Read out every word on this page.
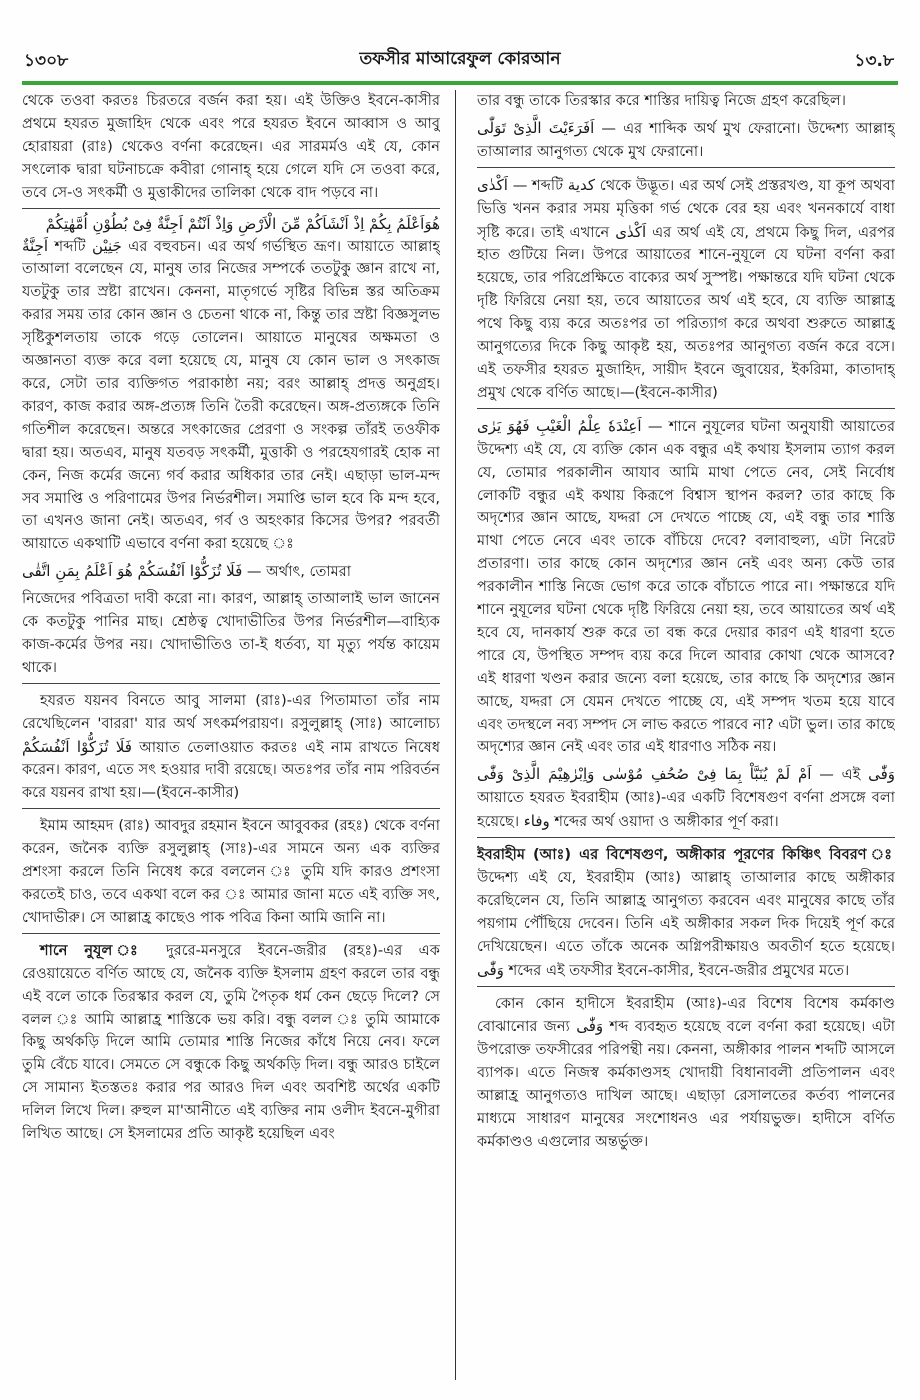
১৩০৮	তফসীর মাআরেফুল কোরআন	১৩.৮

থেকে তওবা করতঃ চিরতরে বর্জন করা হয়। এই উক্তিও ইবনে-কাসীর প্রথমে হযরত মুজাহিদ থেকে এবং পরে হযরত ইবনে আব্বাস ও আবু হোরায়রা (রাঃ) থেকেও বর্ণনা করেছেন। এর সারমর্মও এই যে, কোন সৎলোক দ্বারা ঘটনাচক্রে কবীরা গোনাহ্ হয়ে গেলে যদি সে তওবা করে, তবে সে-ও সৎকর্মী ও মুত্তাকীদের তালিকা থেকে বাদ পড়বে না।

هُوَاَعْلَمُ بِكُمْ اِذْ اَنْشَاَكُمْ مِّنَ الْاَرْضِ وَاِذْ اَنْتُمْ اَجِنَّةٌ فِىْ بُطُوْنِ اُمَّهٰتِكُمْ

اَجِنَّةٌ শব্দটি جَنِيْن এর বহুবচন। এর অর্থ গর্ভস্থিত ভ্রূণ। আয়াতে আল্লাহ্ তাআলা বলেছেন যে, মানুষ তার নিজের সম্পর্কে ততটুকু জ্ঞান রাখে না, যতটুকু তার স্রষ্টা রাখেন। কেননা, মাতৃগর্ভে সৃষ্টির বিভিন্ন স্তর অতিক্রম করার সময় তার কোন জ্ঞান ও চেতনা থাকে না, কিন্তু তার স্রষ্টা বিজ্ঞসুলভ সৃষ্টিকুশলতায় তাকে গড়ে তোলেন। আয়াতে মানুষের অক্ষমতা ও অজ্ঞানতা ব্যক্ত করে বলা হয়েছে যে, মানুষ যে কোন ভাল ও সৎকাজ করে, সেটা তার ব্যক্তিগত পরাকাষ্ঠা নয়; বরং আল্লাহ্ প্রদত্ত অনুগ্রহ। কারণ, কাজ করার অঙ্গ-প্রত্যঙ্গ তিনি তৈরী করেছেন। অঙ্গ-প্রত্যঙ্গকে তিনি গতিশীল করেছেন। অন্তরে সৎকাজের প্রেরণা ও সংকল্প তাঁরই তওফীক দ্বারা হয়। অতএব, মানুষ যতবড় সৎকর্মী, মুত্তাকী ও পরহেযগারই হোক না কেন, নিজ কর্মের জন্যে গর্ব করার অধিকার তার নেই। এছাড়া ভাল-মন্দ সব সমাপ্তি ও পরিণামের উপর নির্ভরশীল। সমাপ্তি ভাল হবে কি মন্দ হবে, তা এখনও জানা নেই। অতএব, গর্ব ও অহংকার কিসের উপর? পরবর্তী আয়াতে একথাটি এভাবে বর্ণনা করা হয়েছে ঃ

فَلَا تُزَكُّوْا اَنْفُسَكُمْ هُوَ اَعْلَمُ بِمَنِ اتَّقٰى — অর্থাৎ, তোমরা

নিজেদের পবিত্রতা দাবী করো না। কারণ, আল্লাহ্ তাআলাই ভাল জানেন কে কতটুকু পানির মাছ। শ্রেষ্ঠত্ব খোদাভীতির উপর নির্ভরশীল—বাহ্যিক কাজ-কর্মের উপর নয়। খোদাভীতিও তা-ই ধর্তব্য, যা মৃত্যু পর্যন্ত কায়েম থাকে।

হযরত যয়নব বিনতে আবু সালমা (রাঃ)-এর পিতামাতা তাঁর নাম রেখেছিলেন 'বাররা' যার অর্থ সৎকর্মপরায়ণ। রসুলুল্লাহ্ (সাঃ) আলোচ্য فَلَا تُزَكُّوْا اَنْفُسَكُمْ আয়াত তেলাওয়াত করতঃ এই নাম রাখতে নিষেধ করেন। কারণ, এতে সৎ হওয়ার দাবী রয়েছে। অতঃপর তাঁর নাম পরিবর্তন করে যয়নব রাখা হয়।—(ইবনে-কাসীর)

ইমাম আহমদ (রাঃ) আবদুর রহমান ইবনে আবুবকর (রহঃ) থেকে বর্ণনা করেন, জনৈক ব্যক্তি রসুলুল্লাহ্ (সাঃ)-এর সামনে অন্য এক ব্যক্তির প্রশংসা করলে তিনি নিষেধ করে বললেন ঃ তুমি যদি কারও প্রশংসা করতেই চাও, তবে একথা বলে কর ঃ আমার জানা মতে এই ব্যক্তি সৎ, খোদাভীরু। সে আল্লাহ্র কাছেও পাক পবিত্র কিনা আমি জানি না।

শানে নুযূল ঃ দুররে-মনসুরে ইবনে-জরীর (রহঃ)-এর এক রেওয়ায়েতে বর্ণিত আছে যে, জনৈক ব্যক্তি ইসলাম গ্রহণ করলে তার বন্ধু এই বলে তাকে তিরস্কার করল যে, তুমি পৈতৃক ধর্ম কেন ছেড়ে দিলে? সে বলল ঃ আমি আল্লাহ্র শাস্তিকে ভয় করি। বন্ধু বলল ঃ তুমি আমাকে কিছু অর্থকড়ি দিলে আমি তোমার শাস্তি নিজের কাঁধে নিয়ে নেব। ফলে তুমি বেঁচে যাবে। সেমতে সে বন্ধুকে কিছু অর্থকড়ি দিল। বন্ধু আরও চাইলে সে সামান্য ইতস্ততঃ করার পর আরও দিল এবং অবশিষ্ট অর্থের একটি দলিল লিখে দিল। রুহুল মা'আনীতে এই ব্যক্তির নাম ওলীদ ইবনে-মুগীরা লিখিত আছে। সে ইসলামের প্রতি আকৃষ্ট হয়েছিল এবং

তার বন্ধু তাকে তিরস্কার করে শাস্তির দায়িত্ব নিজে গ্রহণ করেছিল।

اَفَرَءَيْتَ الَّذِىْ تَوَلّٰى — এর শাব্দিক অর্থ মুখ ফেরানো। উদ্দেশ্য আল্লাহ্ তাআলার আনুগত্য থেকে মুখ ফেরানো।

اَكْدٰى — শব্দটি كدية থেকে উদ্ভূত। এর অর্থ সেই প্রস্তরখণ্ড, যা কূপ অথবা ভিত্তি খনন করার সময় মৃত্তিকা গর্ভ থেকে বের হয় এবং খননকার্যে বাধা সৃষ্টি করে। তাই এখানে اَكْدٰى এর অর্থ এই যে, প্রথমে কিছু দিল, এরপর হাত গুটিয়ে নিল। উপরে আয়াতের শানে-নুযূলে যে ঘটনা বর্ণনা করা হয়েছে, তার পরিপ্রেক্ষিতে বাক্যের অর্থ সুস্পষ্ট। পক্ষান্তরে যদি ঘটনা থেকে দৃষ্টি ফিরিয়ে নেয়া হয়, তবে আয়াতের অর্থ এই হবে, যে ব্যক্তি আল্লাহ্র পথে কিছু ব্যয় করে অতঃপর তা পরিত্যাগ করে অথবা শুরুতে আল্লাহ্র আনুগত্যের দিকে কিছু আকৃষ্ট হয়, অতঃপর আনুগত্য বর্জন করে বসে। এই তফসীর হযরত মুজাহিদ, সায়ীদ ইবনে জুবায়ের, ইকরিমা, কাতাদাহ্ প্রমুখ থেকে বর্ণিত আছে।—(ইবনে-কাসীর)

اَعِنْدَهٗ عِلْمُ الْغَيْبِ فَهُوَ يَرٰى — শানে নুযূলের ঘটনা অনুযায়ী আয়াতের উদ্দেশ্য এই যে, যে ব্যক্তি কোন এক বন্ধুর এই কথায় ইসলাম ত্যাগ করল যে, তোমার পরকালীন আযাব আমি মাথা পেতে নেব, সেই নির্বোধ লোকটি বন্ধুর এই কথায় কিরূপে বিশ্বাস স্থাপন করল? তার কাছে কি অদৃশ্যের জ্ঞান আছে, যদ্দরা সে দেখতে পাচ্ছে যে, এই বন্ধু তার শাস্তি মাথা পেতে নেবে এবং তাকে বাঁচিয়ে দেবে? বলাবাহুল্য, এটা নিরেট প্রতারণা। তার কাছে কোন অদৃশ্যের জ্ঞান নেই এবং অন্য কেউ তার পরকালীন শাস্তি নিজে ভোগ করে তাকে বাঁচাতে পারে না। পক্ষান্তরে যদি শানে নুযূলের ঘটনা থেকে দৃষ্টি ফিরিয়ে নেয়া হয়, তবে আয়াতের অর্থ এই হবে যে, দানকার্য শুরু করে তা বন্ধ করে দেয়ার কারণ এই ধারণা হতে পারে যে, উপস্থিত সম্পদ ব্যয় করে দিলে আবার কোথা থেকে আসবে? এই ধারণা খণ্ডন করার জন্যে বলা হয়েছে, তার কাছে কি অদৃশ্যের জ্ঞান আছে, যদ্দরা সে যেমন দেখতে পাচ্ছে যে, এই সম্পদ খতম হয়ে যাবে এবং তদস্থলে নব্য সম্পদ সে লাভ করতে পারবে না? এটা ভুল। তার কাছে অদৃশ্যের জ্ঞান নেই এবং তার এই ধারণাও সঠিক নয়।

اَمْ لَمْ يُنَبَّاْ بِمَا فِىْ صُحُفِ مُوْسٰى وَاِبْرٰهِيْمَ الَّذِىْ وَفّٰى — এই وَفّٰى আয়াতে হযরত ইবরাহীম (আঃ)-এর একটি বিশেষগুণ বর্ণনা প্রসঙ্গে বলা হয়েছে। وفاء শব্দের অর্থ ওয়াদা ও অঙ্গীকার পূর্ণ করা।

ইবরাহীম (আঃ) এর বিশেষগুণ, অঙ্গীকার পূরণের কিঞ্চিৎ বিবরণ ঃ উদ্দেশ্য এই যে, ইবরাহীম (আঃ) আল্লাহ্ তাআলার কাছে অঙ্গীকার করেছিলেন যে, তিনি আল্লাহ্র আনুগত্য করবেন এবং মানুষের কাছে তাঁর পয়গাম পৌঁছিয়ে দেবেন। তিনি এই অঙ্গীকার সকল দিক দিয়েই পূর্ণ করে দেখিয়েছেন। এতে তাঁকে অনেক অগ্নিপরীক্ষায়ও অবতীর্ণ হতে হয়েছে। وَفّٰى শব্দের এই তফসীর ইবনে-কাসীর, ইবনে-জরীর প্রমুখের মতে।

কোন কোন হাদীসে ইবরাহীম (আঃ)-এর বিশেষ বিশেষ কর্মকাণ্ড বোঝানোর জন্য وَفّٰى শব্দ ব্যবহৃত হয়েছে বলে বর্ণনা করা হয়েছে। এটা উপরোক্ত তফসীরের পরিপন্থী নয়। কেননা, অঙ্গীকার পালন শব্দটি আসলে ব্যাপক। এতে নিজস্ব কর্মকাণ্ডসহ খোদায়ী বিধানাবলী প্রতিপালন এবং আল্লাহ্র আনুগত্যও দাখিল আছে। এছাড়া রেসালতের কর্তব্য পালনের মাধ্যমে সাধারণ মানুষের সংশোধনও এর পর্যায়ভুক্ত। হাদীসে বর্ণিত কর্মকাণ্ডও এগুলোর অন্তর্ভুক্ত।
